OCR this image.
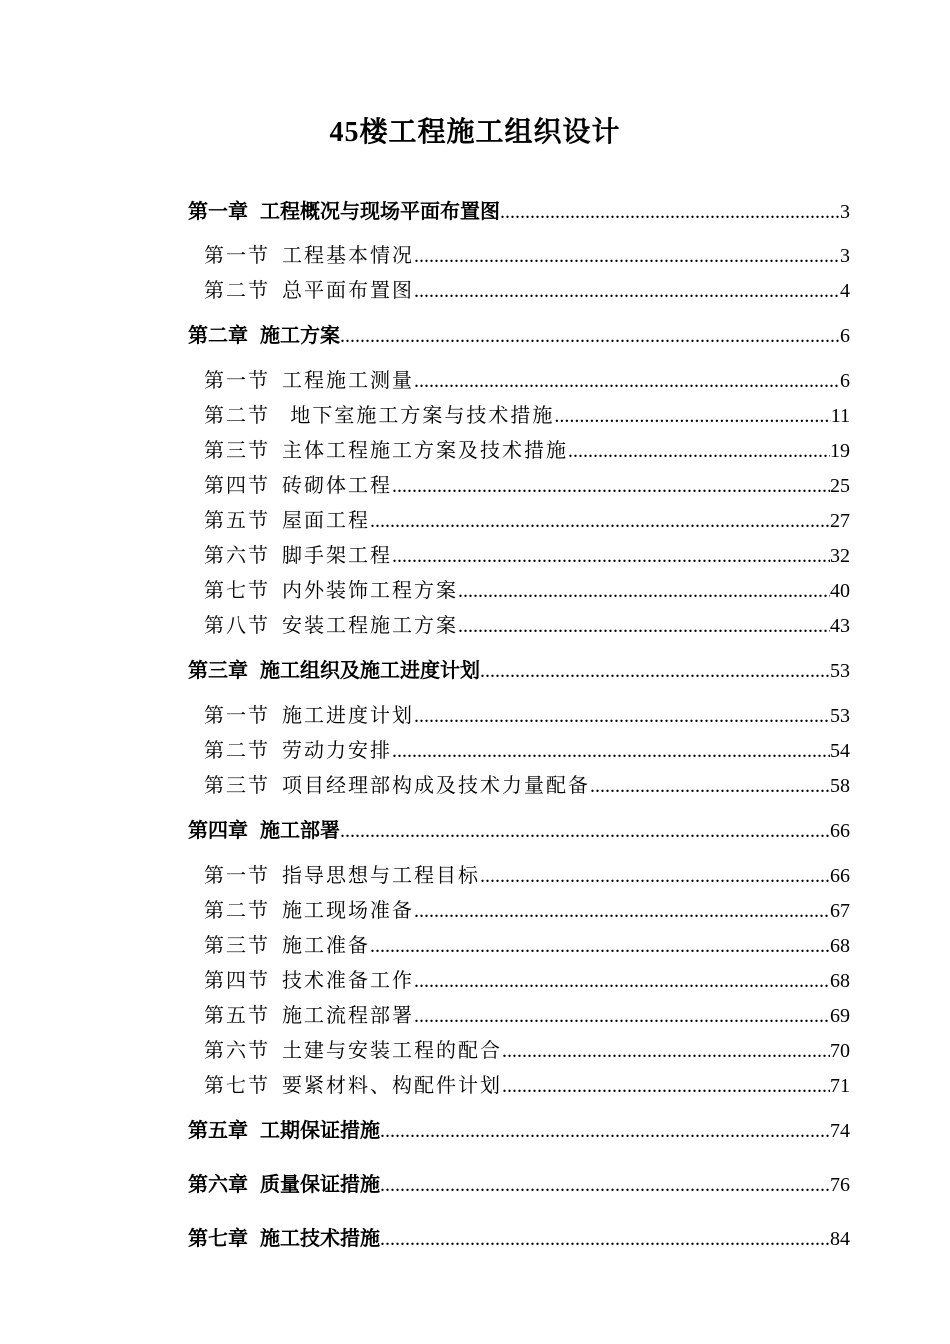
45楼工程施工组织设计
第一章 工程概况与现场平面布置图 .....	3
第一节 工程基本情况 .....	3
第二节 总平面布置图 .....	4
第二章 施工方案 .....	6
第一节 工程施工测量 .....	6
第二节 地下室施工方案与技术措施 .....	11
第三节 主体工程施工方案及技术措施 .....	19
第四节 砖砌体工程 .....	25
第五节 屋面工程 .....	27
第六节 脚手架工程 .....	32
第七节 内外装饰工程方案 .....	40
第八节 安装工程施工方案 .....	43
第三章 施工组织及施工进度计划 .....	53
第一节 施工进度计划 .....	53
第二节 劳动力安排 .....	54
第三节 项目经理部构成及技术力量配备 .....	58
第四章 施工部署 .....	66
第一节 指导思想与工程目标 .....	66
第二节 施工现场准备 .....	67
第三节 施工准备 .....	68
第四节 技术准备工作 .....	68
第五节 施工流程部署 .....	69
第六节 土建与安装工程的配合 .....	70
第七节 要紧材料、构配件计划 .....	71
第五章 工期保证措施 .....	74
第六章 质量保证措施 .....	76
第七章 施工技术措施 .....	84
